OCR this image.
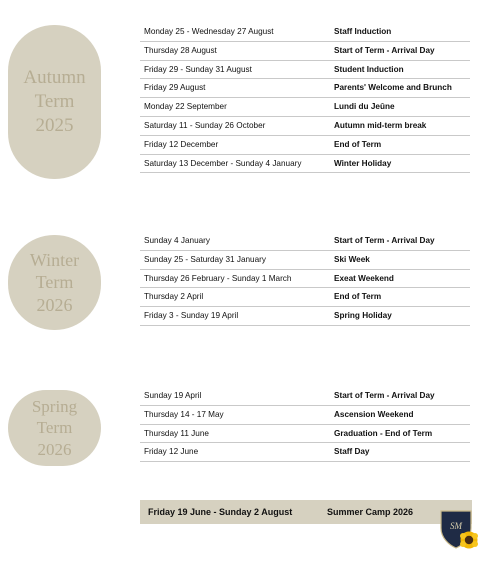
Autumn
Term
2025
Monday 25 - Wednesday 27 August	Staff Induction
Thursday 28 August	Start of Term - Arrival Day
Friday 29 - Sunday 31 August	Student Induction
Friday 29 August	Parents' Welcome and Brunch
Monday 22 September	Lundi du Jeûne
Saturday 11 - Sunday 26 October	Autumn mid-term break
Friday 12 December	End of Term
Saturday 13 December - Sunday 4 January	Winter Holiday
Winter
Term
2026
Sunday 4 January	Start of Term - Arrival Day
Sunday 25 - Saturday 31 January	Ski Week
Thursday 26 February - Sunday 1 March	Exeat Weekend
Thursday 2 April	End of Term
Friday 3 - Sunday 19 April	Spring Holiday
Spring
Term
2026
Sunday 19 April	Start of Term - Arrival Day
Thursday 14 - 17 May	Ascension Weekend
Thursday 11 June	Graduation - End of Term
Friday 12 June	Staff Day
Friday 19 June - Sunday 2 August	Summer Camp 2026
SM
